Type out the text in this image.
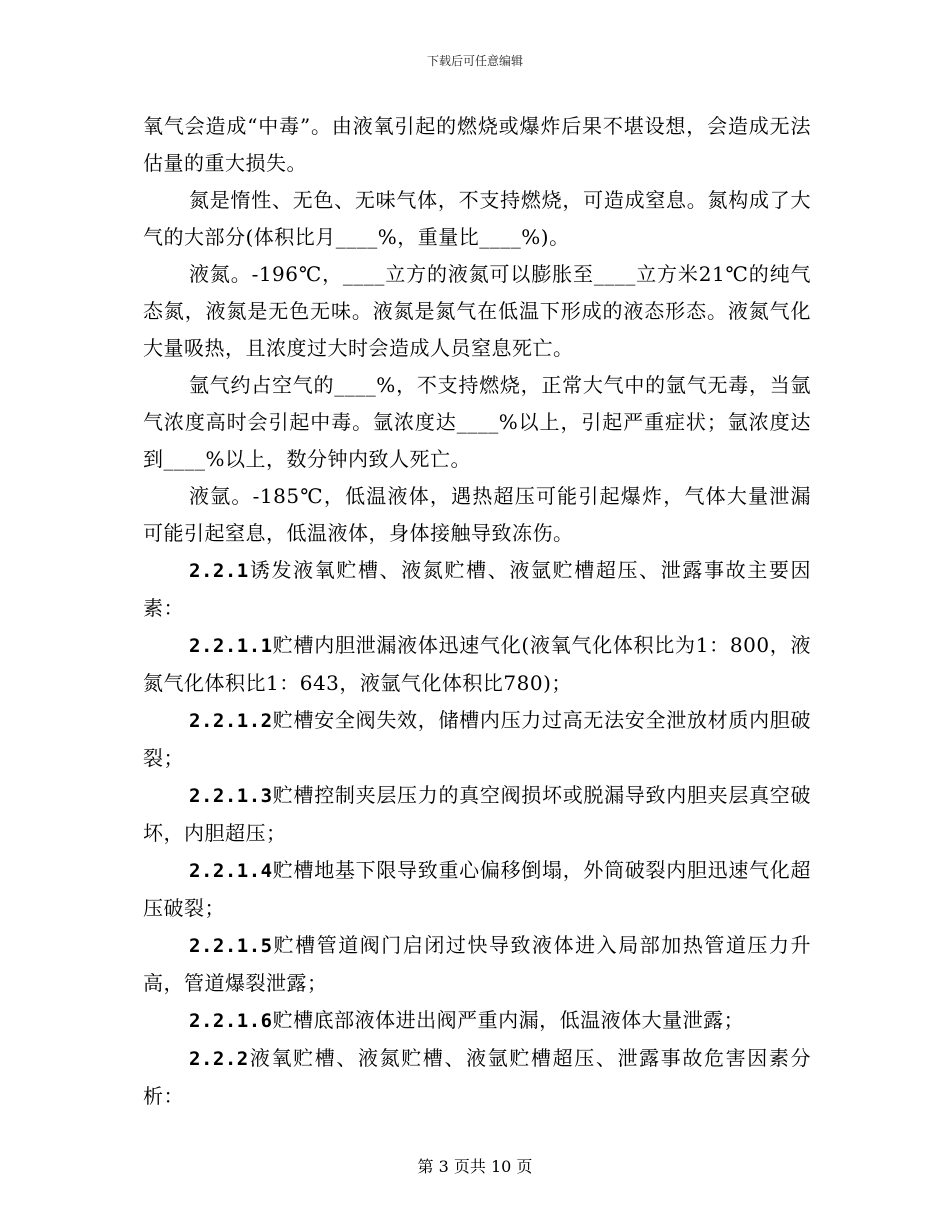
下载后可任意编辑

氧气会造成“中毒”。由液氧引起的燃烧或爆炸后果不堪设想，会造成无法估量的重大损失。

氮是惰性、无色、无味气体，不支持燃烧，可造成窒息。氮构成了大气的大部分(体积比月____%，重量比____%)。

液氮。-196℃，____立方的液氮可以膨胀至____立方米21℃的纯气态氮，液氮是无色无味。液氮是氮气在低温下形成的液态形态。液氮气化大量吸热，且浓度过大时会造成人员窒息死亡。

氩气约占空气的____%，不支持燃烧，正常大气中的氩气无毒，当氩气浓度高时会引起中毒。氩浓度达____%以上，引起严重症状；氩浓度达到____%以上，数分钟内致人死亡。

液氩。-185℃，低温液体，遇热超压可能引起爆炸，气体大量泄漏可能引起窒息，低温液体，身体接触导致冻伤。

2.2.1诱发液氧贮槽、液氮贮槽、液氩贮槽超压、泄露事故主要因素：

2.2.1.1贮槽内胆泄漏液体迅速气化(液氧气化体积比为1：800，液氮气化体积比1：643，液氩气化体积比780)；

2.2.1.2贮槽安全阀失效，储槽内压力过高无法安全泄放材质内胆破裂；

2.2.1.3贮槽控制夹层压力的真空阀损坏或脱漏导致内胆夹层真空破坏，内胆超压；

2.2.1.4贮槽地基下限导致重心偏移倒塌，外筒破裂内胆迅速气化超压破裂；

2.2.1.5贮槽管道阀门启闭过快导致液体进入局部加热管道压力升高，管道爆裂泄露；

2.2.1.6贮槽底部液体进出阀严重内漏，低温液体大量泄露；

2.2.2液氧贮槽、液氮贮槽、液氩贮槽超压、泄露事故危害因素分析：

第 3 页共 10 页
